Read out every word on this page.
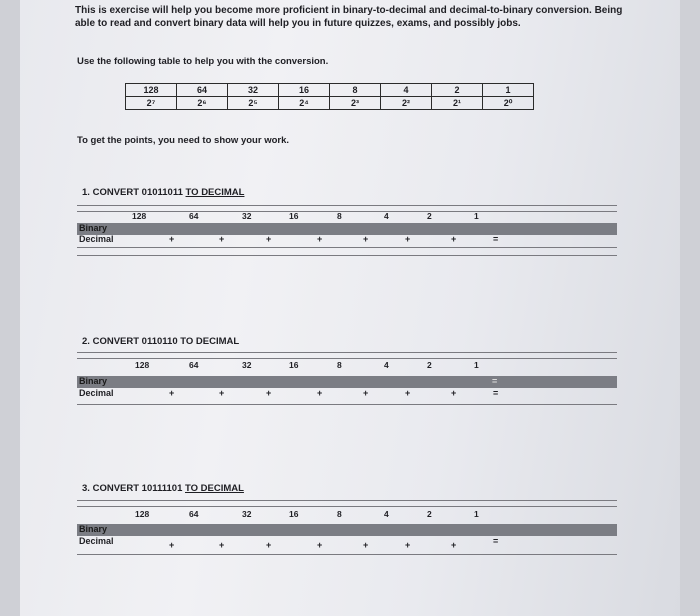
This is exercise will help you become more proficient in binary-to-decimal and decimal-to-binary conversion. Being able to read and convert binary data will help you in future quizzes, exams, and possibly jobs.
Use the following table to help you with the conversion.
128	64	32	16	8	4	2	1
2⁷	2⁶	2⁵	2⁴	2³	2²	2¹	2⁰
To get the points, you need to show your work.
1. CONVERT 01011011 TO DECIMAL
128	64	32	16	8	4	2	1
Binary
Decimal	+	+	+	+	+	+	+	=
2. CONVERT 0110110 TO DECIMAL
128	64	32	16	8	4	2	1
Binary	=
Decimal	+	+	+	+	+	+	+	=
3. CONVERT 10111101 TO DECIMAL
128	64	32	16	8	4	2	1
Binary
Decimal	+	+	+	+	+	+	+	=
